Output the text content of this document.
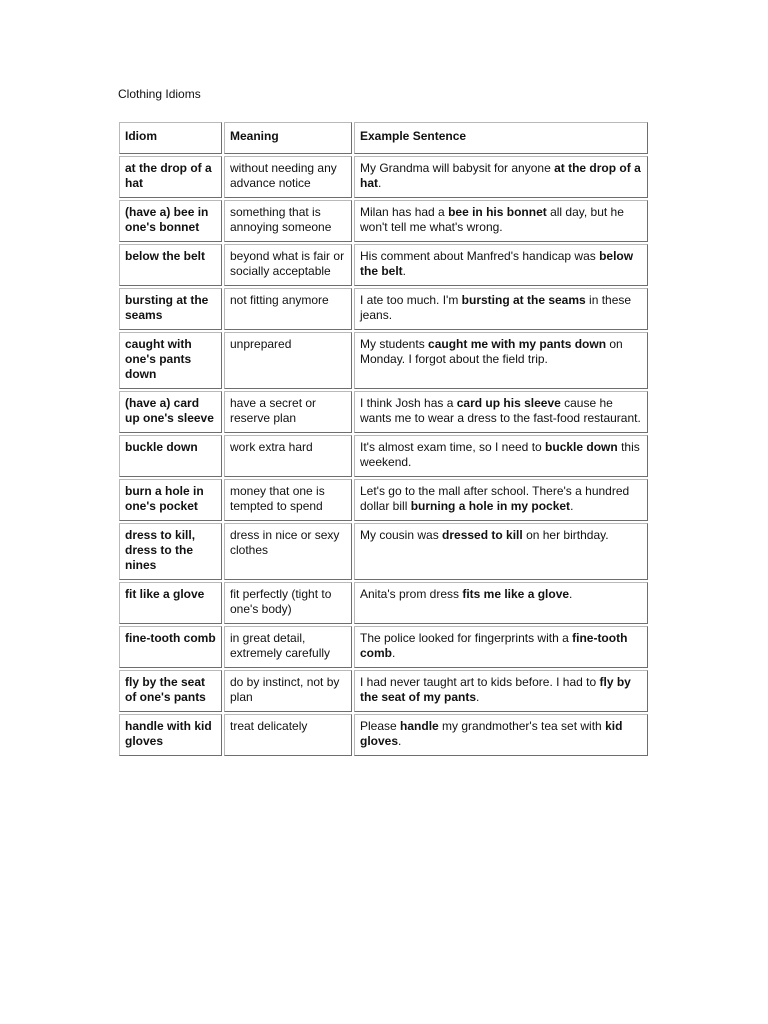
Clothing Idioms
Idiom	Meaning	Example Sentence
at the drop of a hat	without needing any advance notice	My Grandma will babysit for anyone at the drop of a hat.
(have a) bee in one's bonnet	something that is annoying someone	Milan has had a bee in his bonnet all day, but he won't tell me what's wrong.
below the belt	beyond what is fair or socially acceptable	His comment about Manfred's handicap was below the belt.
bursting at the seams	not fitting anymore	I ate too much. I'm bursting at the seams in these jeans.
caught with one's pants down	unprepared	My students caught me with my pants down on Monday. I forgot about the field trip.
(have a) card up one's sleeve	have a secret or reserve plan	I think Josh has a card up his sleeve cause he wants me to wear a dress to the fast-food restaurant.
buckle down	work extra hard	It's almost exam time, so I need to buckle down this weekend.
burn a hole in one's pocket	money that one is tempted to spend	Let's go to the mall after school. There's a hundred dollar bill burning a hole in my pocket.
dress to kill, dress to the nines	dress in nice or sexy clothes	My cousin was dressed to kill on her birthday.
fit like a glove	fit perfectly (tight to one's body)	Anita's prom dress fits me like a glove.
fine-tooth comb	in great detail, extremely carefully	The police looked for fingerprints with a fine-tooth comb.
fly by the seat of one's pants	do by instinct, not by plan	I had never taught art to kids before. I had to fly by the seat of my pants.
handle with kid gloves	treat delicately	Please handle my grandmother's tea set with kid gloves.
